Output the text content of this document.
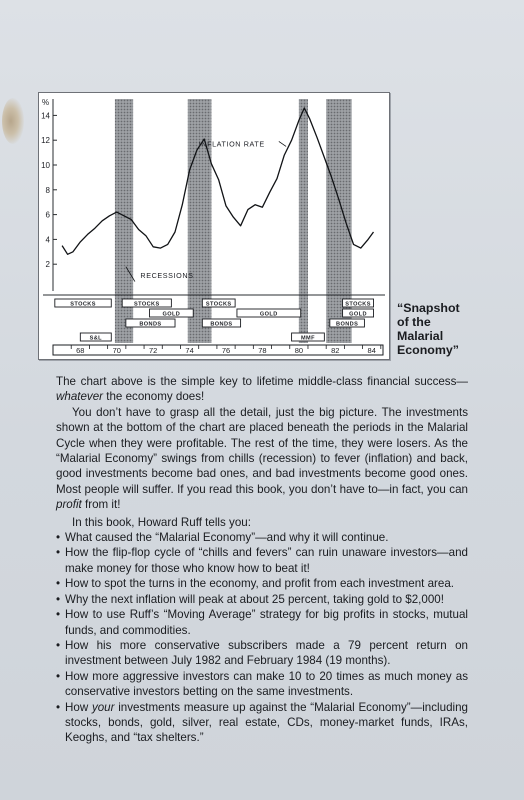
%
2
4
6
8
10
12
14
INFLATION RATE
RECESSIONS
STOCKS	STOCKS	STOCKS	STOCKS
GOLD	GOLD	GOLD
BONDS	BONDS	BONDS
S&L	MMF
68	70	72	74	76	78	80	82	84
“Snapshot
of the
Malarial
Economy”

The chart above is the simple key to lifetime middle-class financial success—whatever the economy does!

You don’t have to grasp all the detail, just the big picture. The investments shown at the bottom of the chart are placed beneath the periods in the Malarial Cycle when they were profitable. The rest of the time, they were losers. As the “Malarial Economy” swings from chills (recession) to fever (inflation) and back, good investments become bad ones, and bad investments become good ones. Most people will suffer. If you read this book, you don’t have to—in fact, you can profit from it!

In this book, Howard Ruff tells you:

• What caused the “Malarial Economy”—and why it will continue.
• How the flip-flop cycle of “chills and fevers” can ruin unaware investors—and make money for those who know how to beat it!
• How to spot the turns in the economy, and profit from each investment area.
• Why the next inflation will peak at about 25 percent, taking gold to $2,000!
• How to use Ruff’s “Moving Average” strategy for big profits in stocks, mutual funds, and commodities.
• How his more conservative subscribers made a 79 percent return on investment between July 1982 and February 1984 (19 months).
• How more aggressive investors can make 10 to 20 times as much money as conservative investors betting on the same investments.
• How your investments measure up against the “Malarial Economy”—including stocks, bonds, gold, silver, real estate, CDs, money-market funds, IRAs, Keoghs, and “tax shelters.”
